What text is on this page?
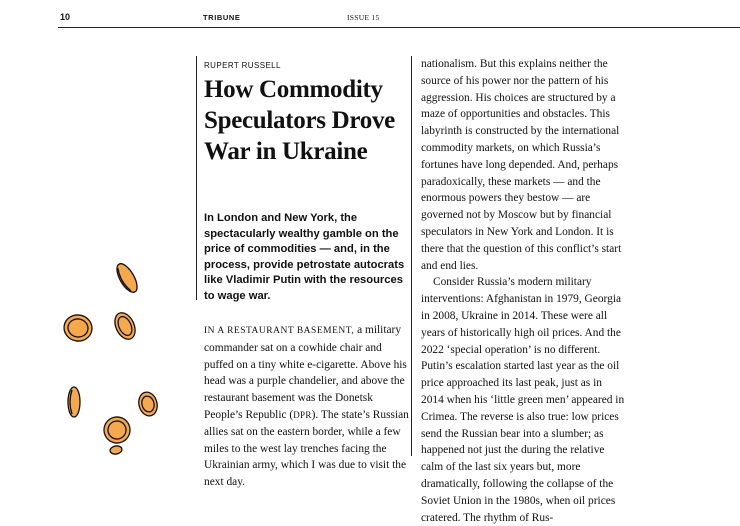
10	TRIBUNE	ISSUE 15
RUPERT RUSSELL
How Commodity Speculators Drove War in Ukraine

In London and New York, the spectacularly wealthy gamble on the price of commodities — and, in the process, provide petrostate autocrats like Vladimir Putin with the resources to wage war.

IN A RESTAURANT BASEMENT, a military commander sat on a cowhide chair and puffed on a tiny white e-cigarette. Above his head was a purple chandelier, and above the restaurant basement was the Donetsk People’s Republic (DPR). The state’s Russian allies sat on the eastern border, while a few miles to the west lay trenches facing the Ukrainian army, which I was due to visit the next day.

nationalism. But this explains neither the source of his power nor the pattern of his aggression. His choices are structured by a maze of opportunities and obstacles. This labyrinth is constructed by the international commodity markets, on which Russia’s fortunes have long depended. And, perhaps paradoxically, these markets — and the enormous powers they bestow — are governed not by Moscow but by financial speculators in New York and London. It is there that the question of this conflict’s start and end lies.

Consider Russia’s modern military interventions: Afghanistan in 1979, Georgia in 2008, Ukraine in 2014. These were all years of historically high oil prices. And the 2022 ‘special operation’ is no different. Putin’s escalation started last year as the oil price approached its last peak, just as in 2014 when his ‘little green men’ appeared in Crimea. The reverse is also true: low prices send the Russian bear into a slumber; as happened not just the during the relative calm of the last six years but, more dramatically, following the collapse of the Soviet Union in the 1980s, when oil prices cratered. The rhythm of Rus-
